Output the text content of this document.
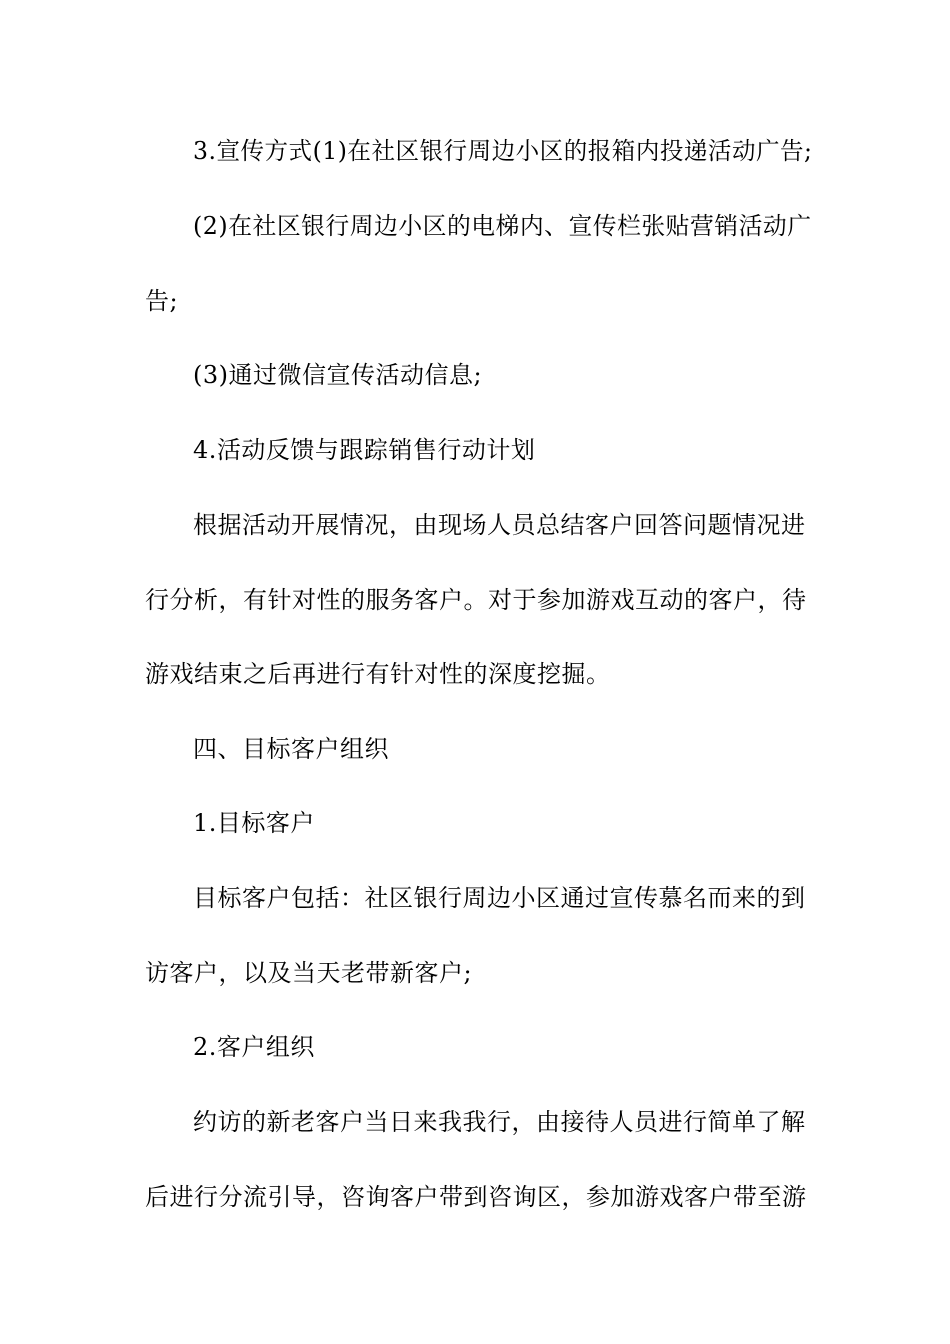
3.宣传方式(1)在社区银行周边小区的报箱内投递活动广告;
(2)在社区银行周边小区的电梯内、宣传栏张贴营销活动广
告;
(3)通过微信宣传活动信息;
4.活动反馈与跟踪销售行动计划
根据活动开展情况，由现场人员总结客户回答问题情况进
行分析，有针对性的服务客户。对于参加游戏互动的客户，待
游戏结束之后再进行有针对性的深度挖掘。
四、目标客户组织
1.目标客户
目标客户包括：社区银行周边小区通过宣传慕名而来的到
访客户，以及当天老带新客户;
2.客户组织
约访的新老客户当日来我我行，由接待人员进行简单了解
后进行分流引导，咨询客户带到咨询区，参加游戏客户带至游
